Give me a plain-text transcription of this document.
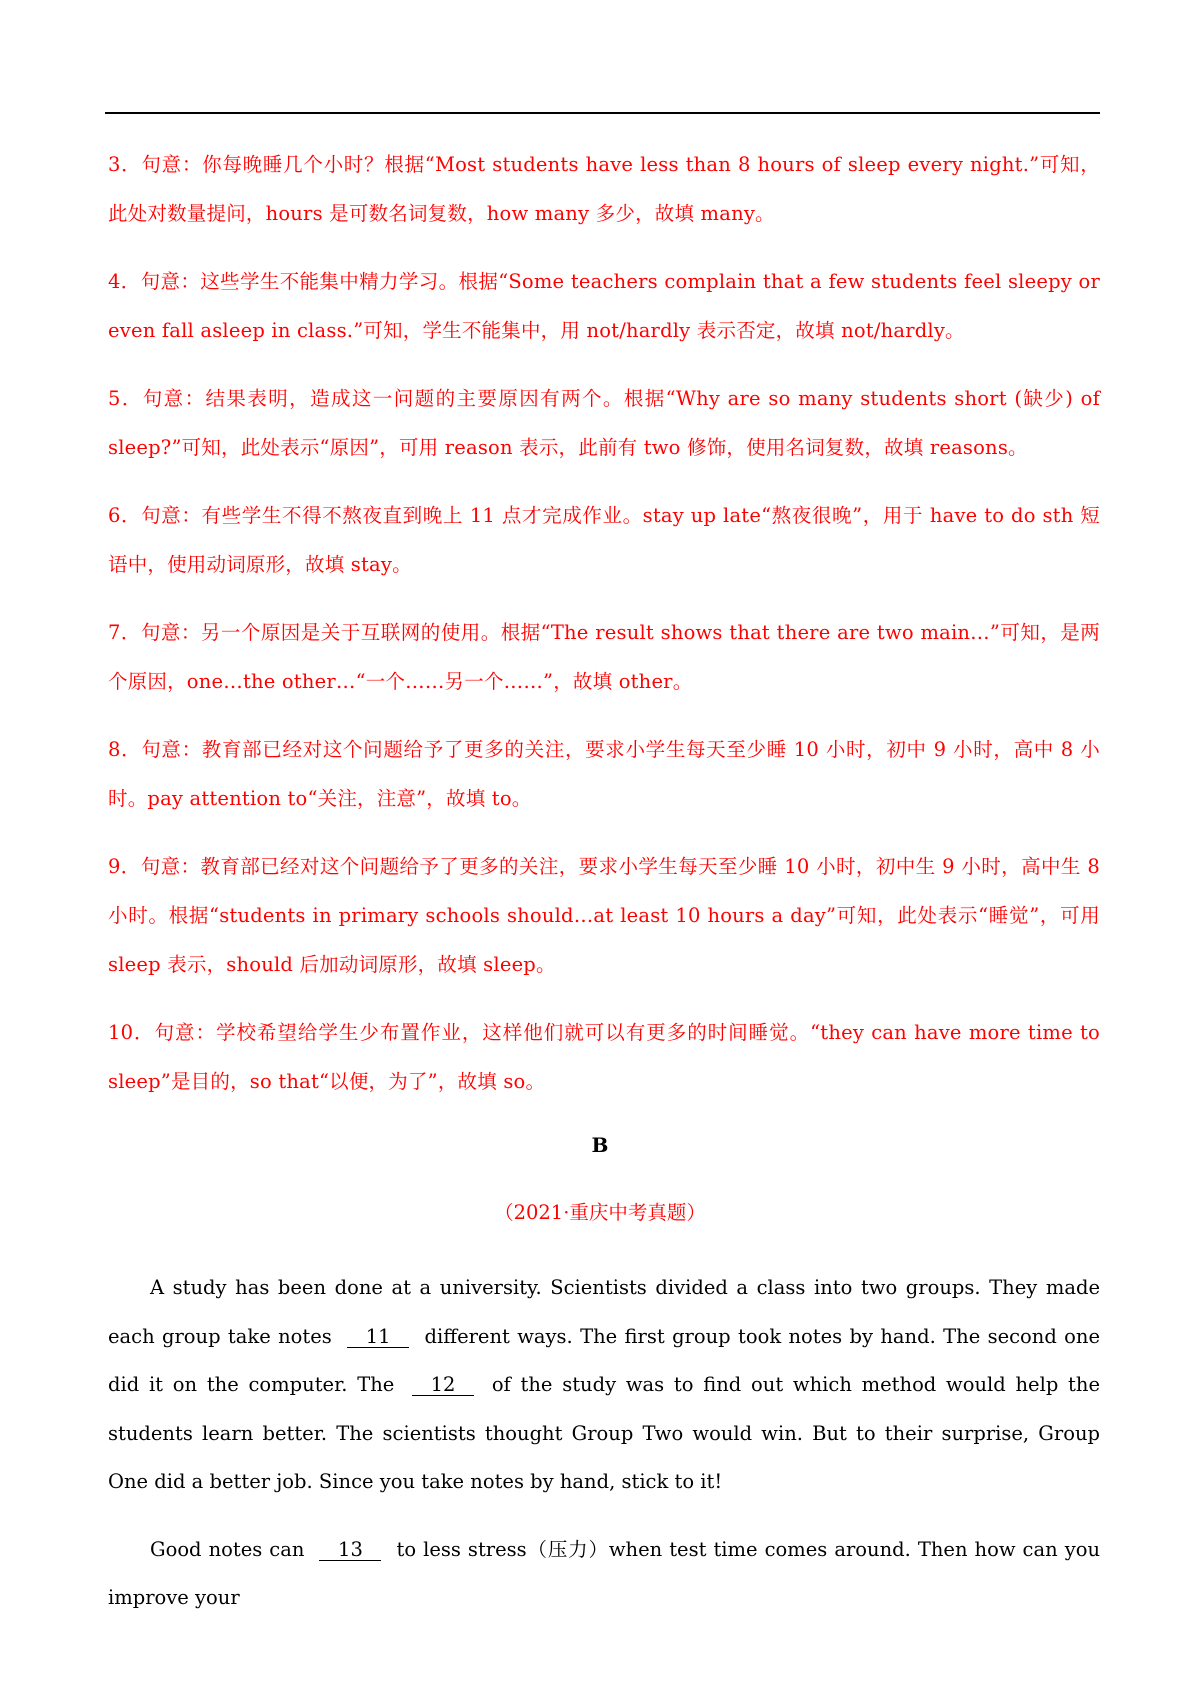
3．句意：你每晚睡几个小时？根据“Most students have less than 8 hours of sleep every night.”可知，此处对数量提问，hours 是可数名词复数，how many 多少，故填 many。
4．句意：这些学生不能集中精力学习。根据“Some teachers complain that a few students feel sleepy or even fall asleep in class.”可知，学生不能集中，用 not/hardly 表示否定，故填 not/hardly。
5．句意：结果表明，造成这一问题的主要原因有两个。根据“Why are so many students short (缺少) of sleep?”可知，此处表示“原因”，可用 reason 表示，此前有 two 修饰，使用名词复数，故填 reasons。
6．句意：有些学生不得不熬夜直到晚上 11 点才完成作业。stay up late“熬夜很晚”，用于 have to do sth 短语中，使用动词原形，故填 stay。
7．句意：另一个原因是关于互联网的使用。根据“The result shows that there are two main…”可知，是两个原因，one…the other…“一个……另一个……”，故填 other。
8．句意：教育部已经对这个问题给予了更多的关注，要求小学生每天至少睡 10 小时，初中 9 小时，高中 8 小时。pay attention to“关注，注意”，故填 to。
9．句意：教育部已经对这个问题给予了更多的关注，要求小学生每天至少睡 10 小时，初中生 9 小时，高中生 8 小时。根据“students in primary schools should…at least 10 hours a day”可知，此处表示“睡觉”，可用 sleep 表示，should 后加动词原形，故填 sleep。
10．句意：学校希望给学生少布置作业，这样他们就可以有更多的时间睡觉。“they can have more time to sleep”是目的，so that“以便，为了”，故填 so。
B

（2021·重庆中考真题）

A study has been done at a university. Scientists divided a class into two groups. They made each group take notes 11 different ways. The first group took notes by hand. The second one did it on the computer. The 12 of the study was to find out which method would help the students learn better. The scientists thought Group Two would win. But to their surprise, Group One did a better job. Since you take notes by hand, stick to it!

Good notes can 13 to less stress（压力）when test time comes around. Then how can you improve your
